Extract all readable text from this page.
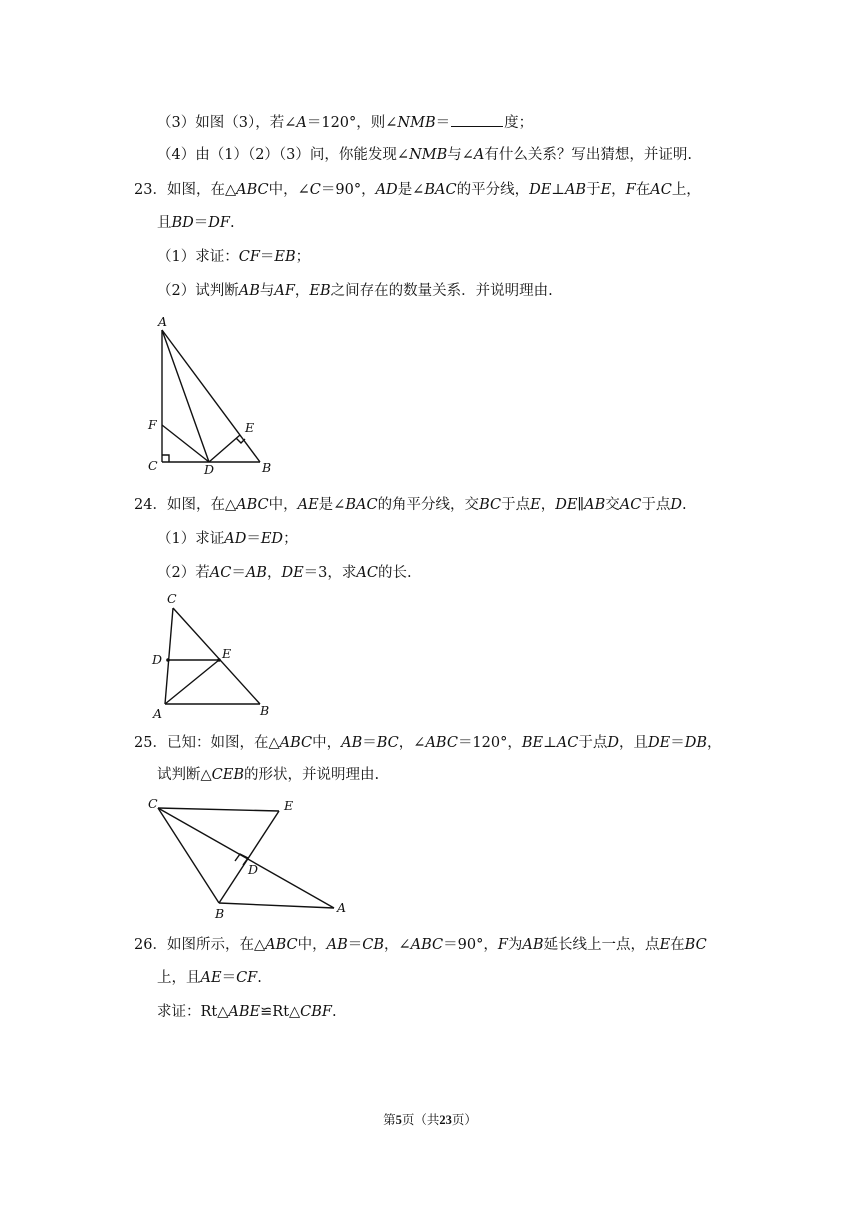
（3）如图（3），若∠A＝120°，则∠NMB＝	度；
（4）由（1）（2）（3）问，你能发现∠NMB与∠A有什么关系？写出猜想，并证明.
23．如图，在△ABC中，∠C＝90°，AD是∠BAC的平分线，DE⊥AB于E，F在AC上，
且BD＝DF.
（1）求证：CF＝EB；
（2）试判断AB与AF，EB之间存在的数量关系．并说明理由.
A
F
C	D
E
B
24．如图，在△ABC中，AE是∠BAC的角平分线，交BC于点E，DE∥AB交AC于点D.
（1）求证AD＝ED；
（2）若AC＝AB，DE＝3，求AC的长.
C
D	E
A	B
25．已知：如图，在△ABC中，AB＝BC，∠ABC＝120°，BE⊥AC于点D，且DE＝DB，
试判断△CEB的形状，并说明理由.
C	E
D
B	A
26．如图所示，在△ABC中，AB＝CB，∠ABC＝90°，F为AB延长线上一点，点E在BC
上，且AE＝CF.
求证：Rt△ABE≌Rt△CBF.
第5页（共23页）
